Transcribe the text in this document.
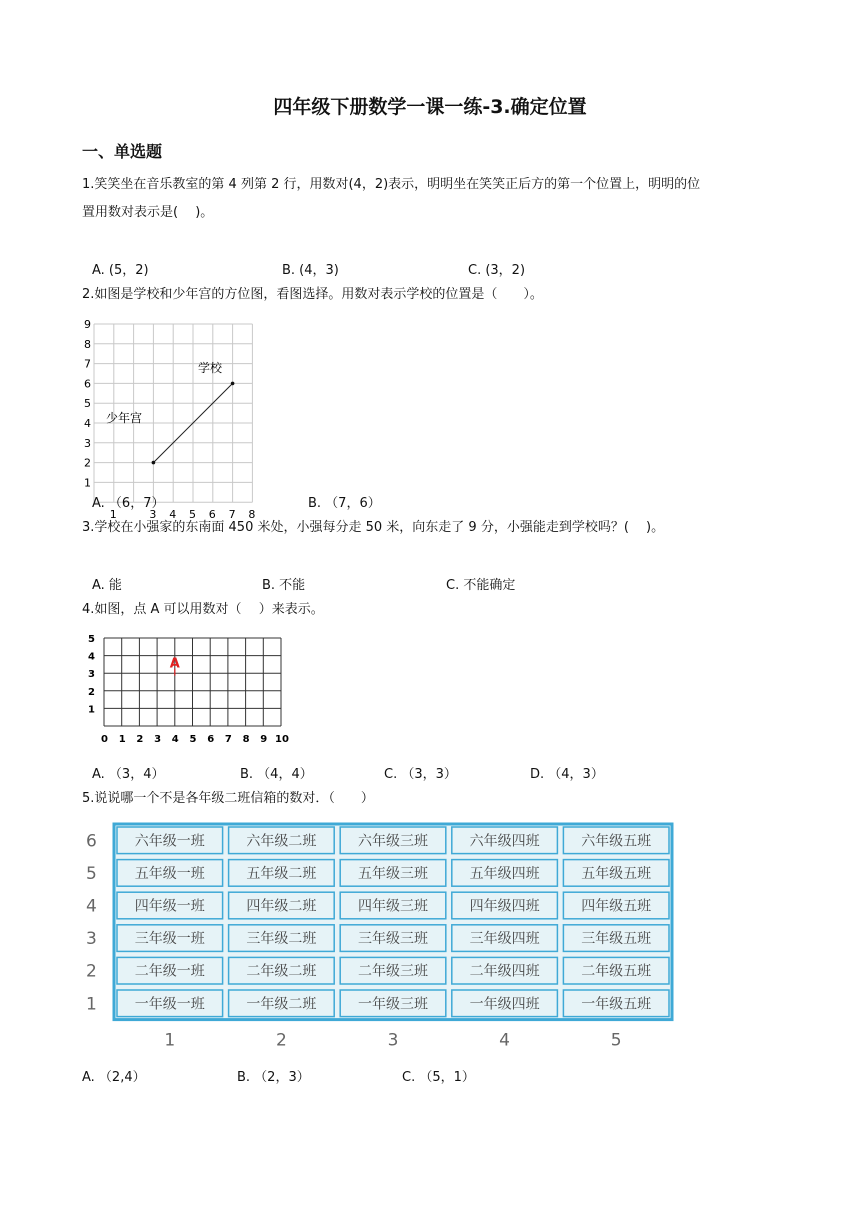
四年级下册数学一课一练-3.确定位置
一、单选题
1.笑笑坐在音乐教室的第 4 列第 2 行，用数对(4，2)表示，明明坐在笑笑正后方的第一个位置上，明明的位
置用数对表示是(　 )。
A. (5，2)	B. (4，3)	C. (3，2)
2.如图是学校和少年宫的方位图，看图选择。用数对表示学校的位置是（　　）。
9
8
7
6
5
4
3
2
1
1	3 4 5 6 7 8
学校
少年宫
A. （6，7）	B. （7，6）
3.学校在小强家的东南面 450 米处，小强每分走 50 米，向东走了 9 分，小强能走到学校吗？(　 )。
A. 能	B. 不能	C. 不能确定
4.如图，点 A 可以用数对（　 ）来表示。
5
4
3
2
1
0 1 2 3 4 5 6 7 8 9 10
A
A. （3，4）	B. （4，4）	C. （3，3）	D. （4，3）
5.说说哪一个不是各年级二班信箱的数对．（　　）
六年级一班	六年级二班	六年级三班	六年级四班	六年级五班
五年级一班	五年级二班	五年级三班	五年级四班	五年级五班
四年级一班	四年级二班	四年级三班	四年级四班	四年级五班
三年级一班	三年级二班	三年级三班	三年级四班	三年级五班
二年级一班	二年级二班	二年级三班	二年级四班	二年级五班
一年级一班	一年级二班	一年级三班	一年级四班	一年级五班
6
5
4
3
2
1
1	2	3	4	5
A. （2,4）	B. （2，3）	C. （5，1）
